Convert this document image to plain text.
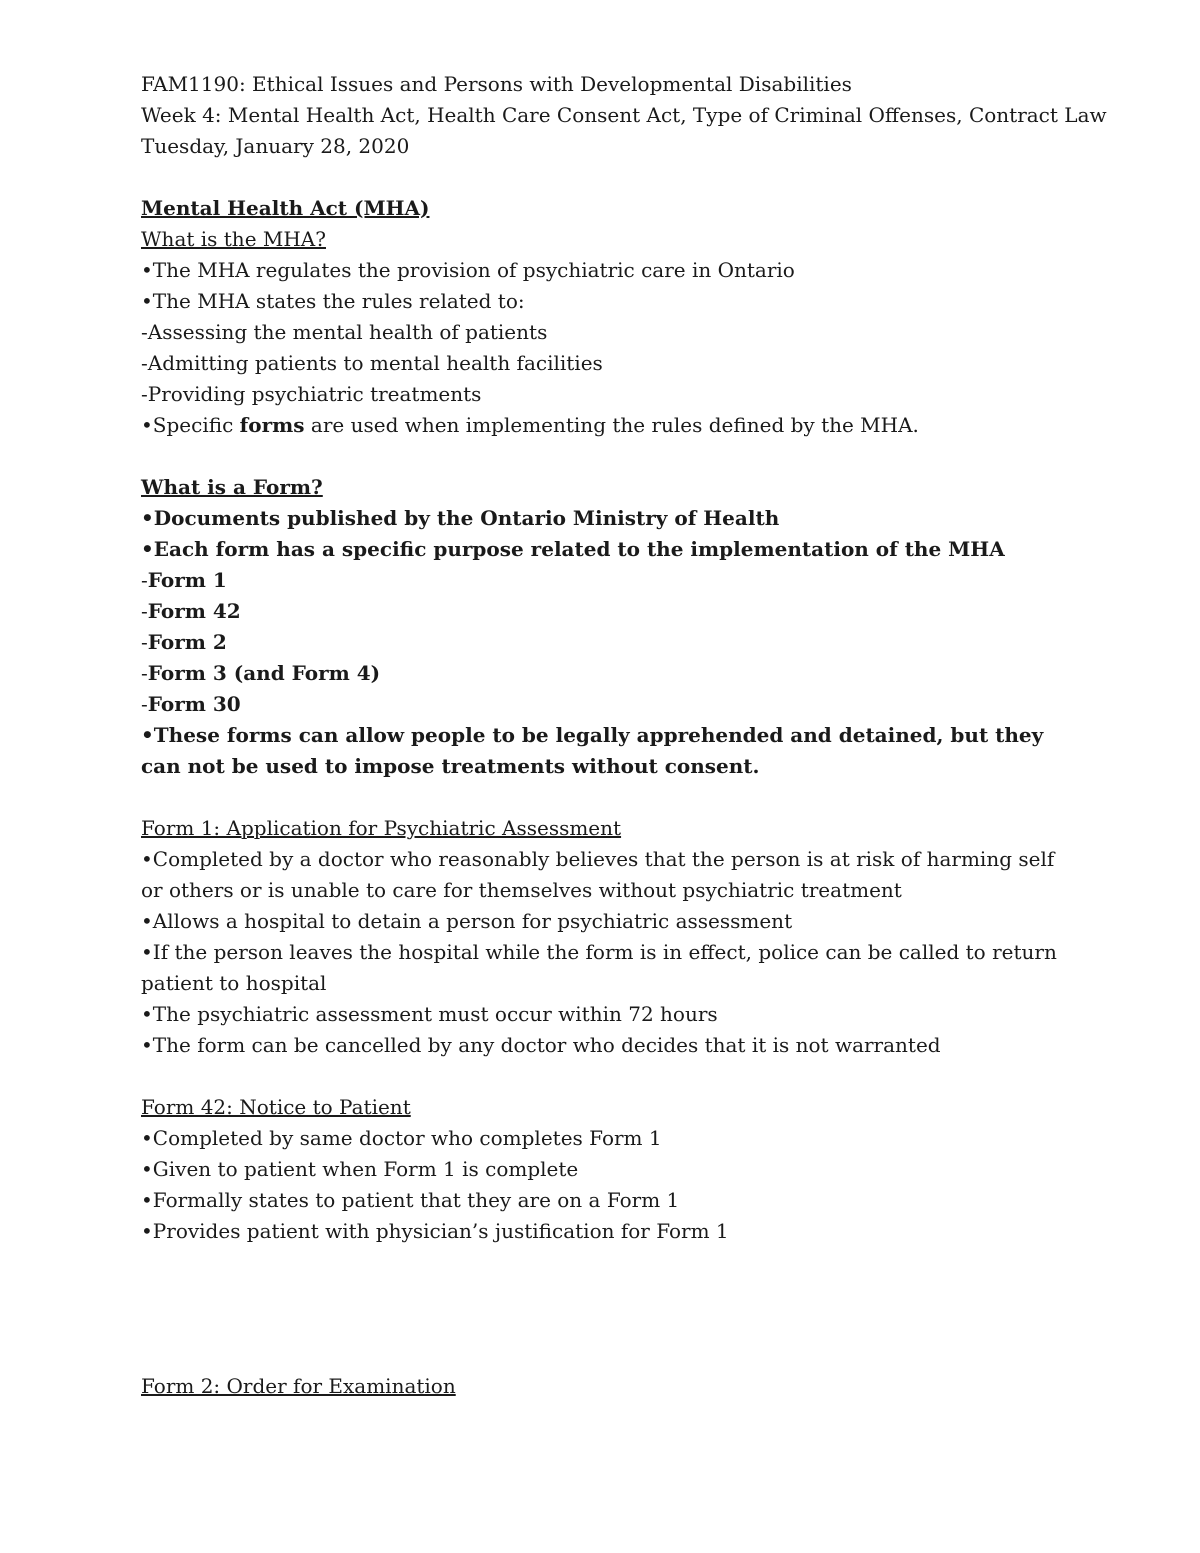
FAM1190: Ethical Issues and Persons with Developmental Disabilities
Week 4: Mental Health Act, Health Care Consent Act, Type of Criminal Offenses, Contract Law
Tuesday, January 28, 2020
Mental Health Act (MHA)
What is the MHA?
•The MHA regulates the provision of psychiatric care in Ontario
•The MHA states the rules related to:
-Assessing the mental health of patients
-Admitting patients to mental health facilities
-Providing psychiatric treatments
•Specific forms are used when implementing the rules defined by the MHA.
What is a Form?
•Documents published by the Ontario Ministry of Health
•Each form has a specific purpose related to the implementation of the MHA
-Form 1
-Form 42
-Form 2
-Form 3 (and Form 4)
-Form 30
•These forms can allow people to be legally apprehended and detained, but they can not be used to impose treatments without consent.
Form 1: Application for Psychiatric Assessment
•Completed by a doctor who reasonably believes that the person is at risk of harming self or others or is unable to care for themselves without psychiatric treatment
•Allows a hospital to detain a person for psychiatric assessment
•If the person leaves the hospital while the form is in effect, police can be called to return patient to hospital
•The psychiatric assessment must occur within 72 hours
•The form can be cancelled by any doctor who decides that it is not warranted
Form 42: Notice to Patient
•Completed by same doctor who completes Form 1
•Given to patient when Form 1 is complete
•Formally states to patient that they are on a Form 1
•Provides patient with physician’s justification for Form 1
Form 2: Order for Examination
